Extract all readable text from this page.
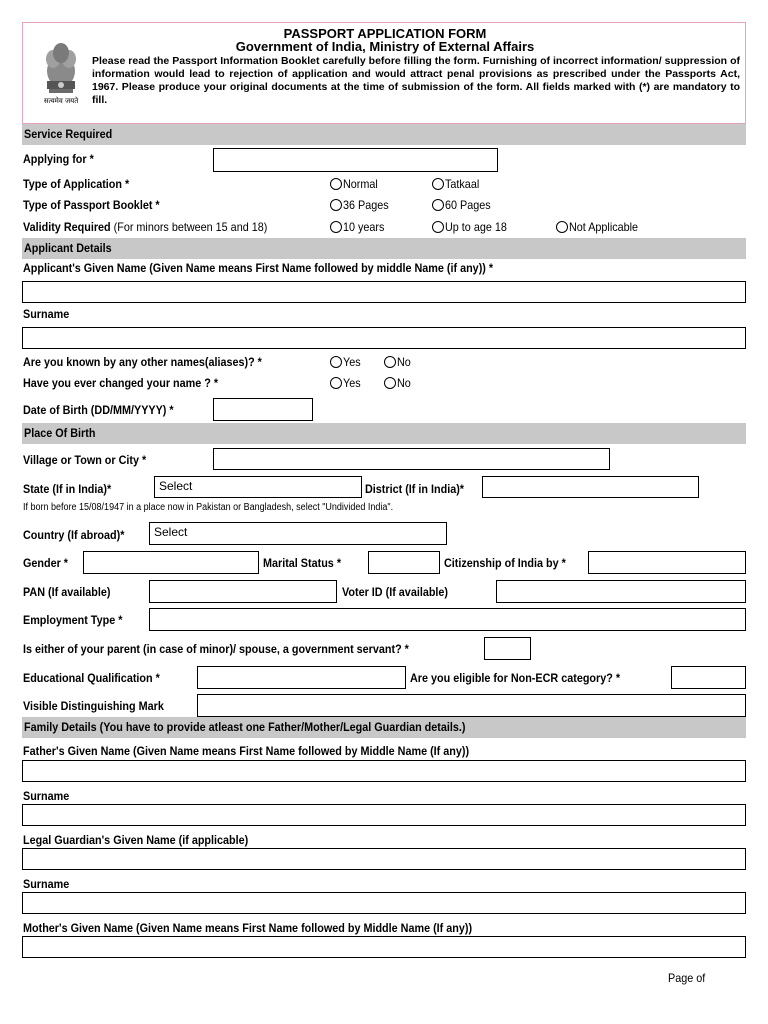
सत्यमेव जयते
PASSPORT APPLICATION FORM
Government of India, Ministry of External Affairs
Please read the Passport Information Booklet carefully before filling the form. Furnishing of incorrect information/ suppression of information would lead to rejection of application and would attract penal provisions as prescribed under the Passports Act, 1967. Please produce your original documents at the time of submission of the form. All fields marked with (*) are mandatory to fill.
Service Required
Applying for *
Type of Application *	Normal	Tatkaal
Type of Passport Booklet *	36 Pages	60 Pages
Validity Required (For minors between 15 and 18)	10 years	Up to age 18	Not Applicable
Applicant Details
Applicant's Given Name (Given Name means First Name followed by middle Name (if any)) *
Surname
Are you known by any other names(aliases)? *	Yes	No
Have you ever changed your name ? *	Yes	No
Date of Birth (DD/MM/YYYY) *
Place Of Birth
Village or Town or City *
State (If in India)*	Select	District (If in India)*
If born before 15/08/1947 in a place now in Pakistan or Bangladesh, select "Undivided India".
Country (If abroad)*	Select
Gender *	Marital Status *	Citizenship of India by *
PAN (If available)	Voter ID (If available)
Employment Type *
Is either of your parent (in case of minor)/ spouse, a government servant? *
Educational Qualification *	Are you eligible for Non-ECR category? *
Visible Distinguishing Mark
Family Details (You have to provide atleast one Father/Mother/Legal Guardian details.)
Father's Given Name (Given Name means First Name followed by Middle Name (If any))
Surname
Legal Guardian's Given Name (if applicable)
Surname
Mother's Given Name (Given Name means First Name followed by Middle Name (If any))
Page of
